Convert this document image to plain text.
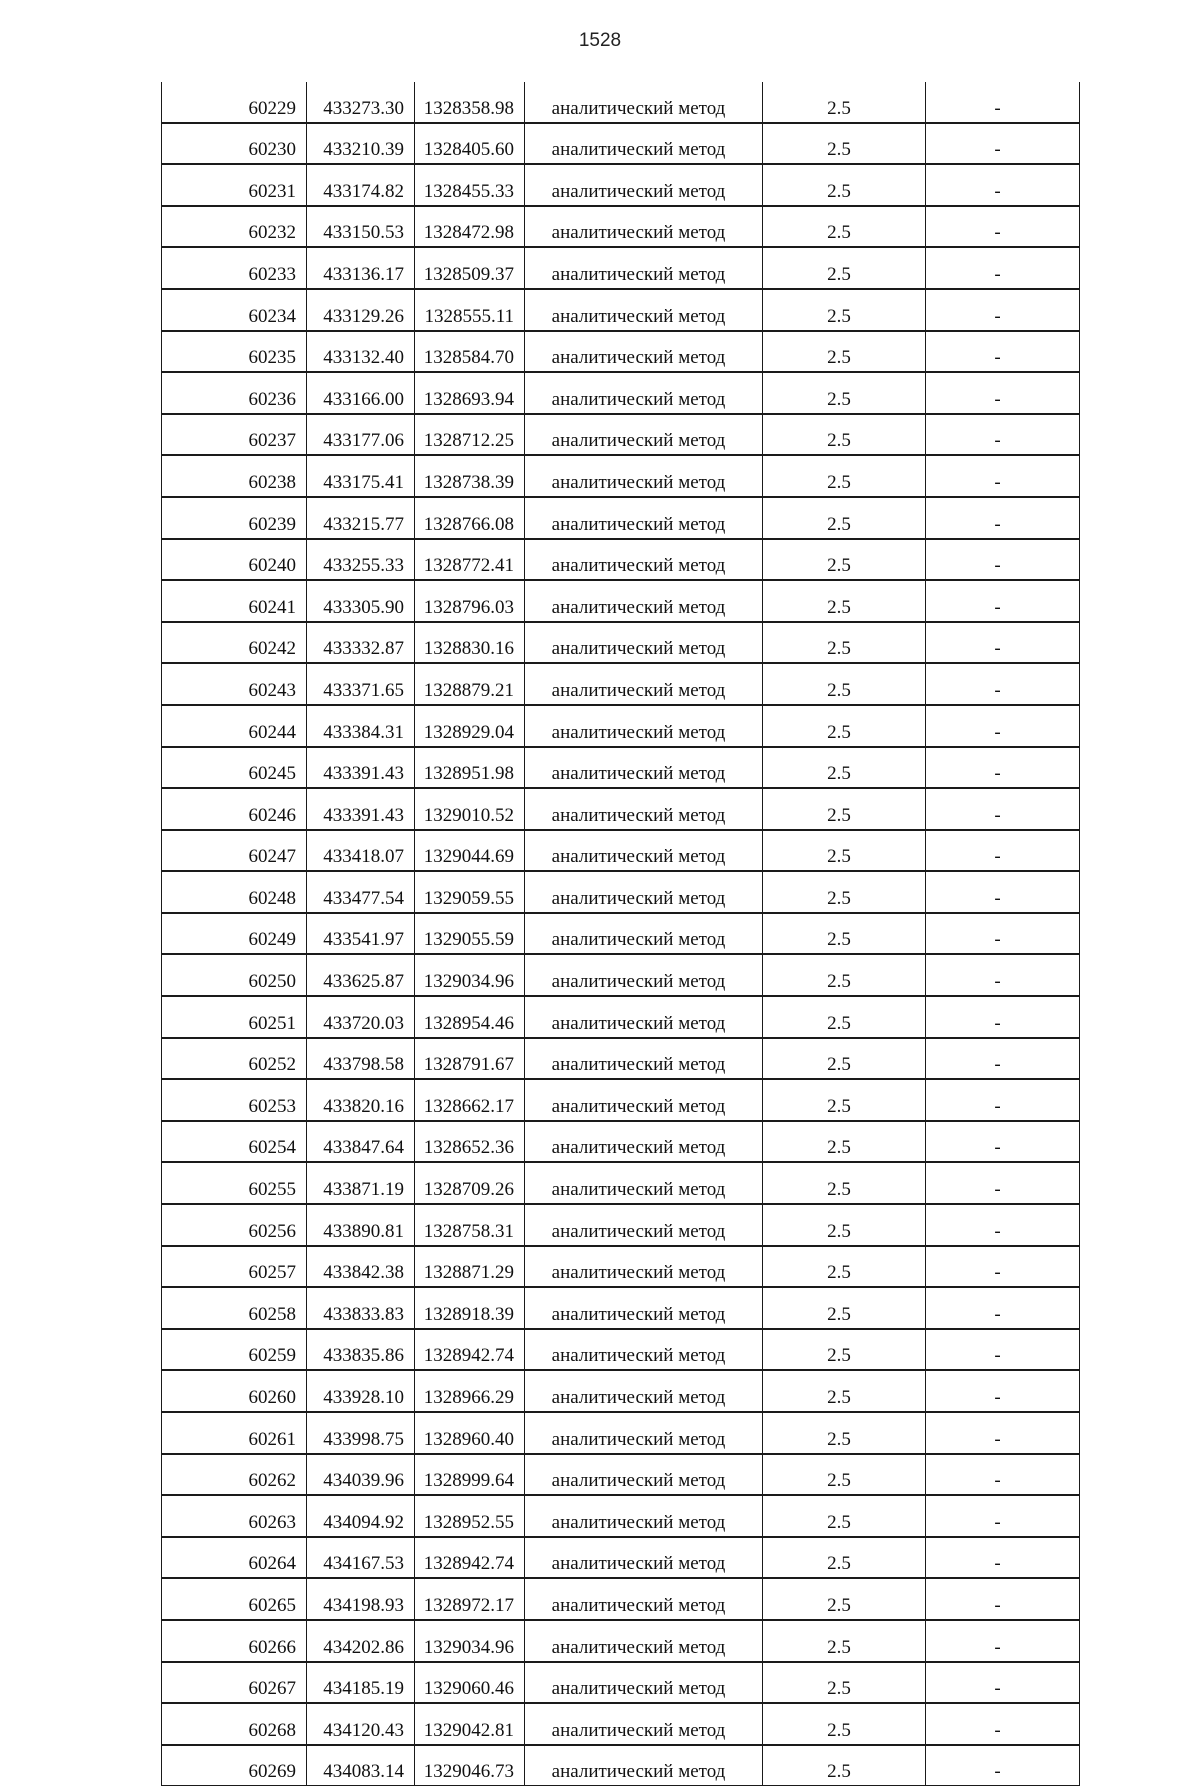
1528
60229	433273.30	1328358.98	аналитический метод	2.5	-
60230	433210.39	1328405.60	аналитический метод	2.5	-
60231	433174.82	1328455.33	аналитический метод	2.5	-
60232	433150.53	1328472.98	аналитический метод	2.5	-
60233	433136.17	1328509.37	аналитический метод	2.5	-
60234	433129.26	1328555.11	аналитический метод	2.5	-
60235	433132.40	1328584.70	аналитический метод	2.5	-
60236	433166.00	1328693.94	аналитический метод	2.5	-
60237	433177.06	1328712.25	аналитический метод	2.5	-
60238	433175.41	1328738.39	аналитический метод	2.5	-
60239	433215.77	1328766.08	аналитический метод	2.5	-
60240	433255.33	1328772.41	аналитический метод	2.5	-
60241	433305.90	1328796.03	аналитический метод	2.5	-
60242	433332.87	1328830.16	аналитический метод	2.5	-
60243	433371.65	1328879.21	аналитический метод	2.5	-
60244	433384.31	1328929.04	аналитический метод	2.5	-
60245	433391.43	1328951.98	аналитический метод	2.5	-
60246	433391.43	1329010.52	аналитический метод	2.5	-
60247	433418.07	1329044.69	аналитический метод	2.5	-
60248	433477.54	1329059.55	аналитический метод	2.5	-
60249	433541.97	1329055.59	аналитический метод	2.5	-
60250	433625.87	1329034.96	аналитический метод	2.5	-
60251	433720.03	1328954.46	аналитический метод	2.5	-
60252	433798.58	1328791.67	аналитический метод	2.5	-
60253	433820.16	1328662.17	аналитический метод	2.5	-
60254	433847.64	1328652.36	аналитический метод	2.5	-
60255	433871.19	1328709.26	аналитический метод	2.5	-
60256	433890.81	1328758.31	аналитический метод	2.5	-
60257	433842.38	1328871.29	аналитический метод	2.5	-
60258	433833.83	1328918.39	аналитический метод	2.5	-
60259	433835.86	1328942.74	аналитический метод	2.5	-
60260	433928.10	1328966.29	аналитический метод	2.5	-
60261	433998.75	1328960.40	аналитический метод	2.5	-
60262	434039.96	1328999.64	аналитический метод	2.5	-
60263	434094.92	1328952.55	аналитический метод	2.5	-
60264	434167.53	1328942.74	аналитический метод	2.5	-
60265	434198.93	1328972.17	аналитический метод	2.5	-
60266	434202.86	1329034.96	аналитический метод	2.5	-
60267	434185.19	1329060.46	аналитический метод	2.5	-
60268	434120.43	1329042.81	аналитический метод	2.5	-
60269	434083.14	1329046.73	аналитический метод	2.5	-
